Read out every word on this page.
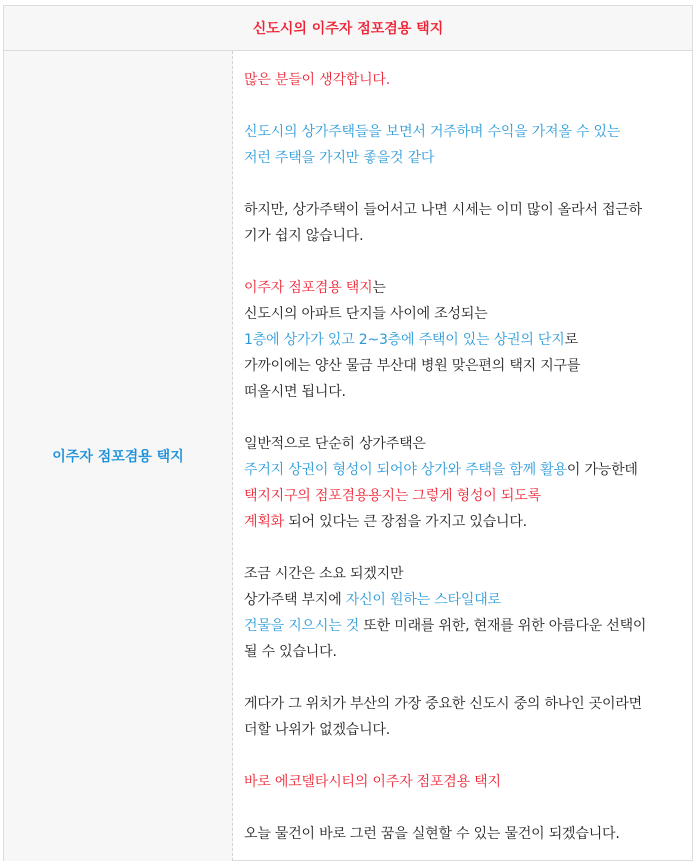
신도시의 이주자 점포겸용 택지
이주자 점포겸용 택지
많은 분들이 생각합니다.
신도시의 상가주택들을 보면서 거주하며 수익을 가져올 수 있는
저런 주택을 가지만 좋을것 같다
하지만, 상가주택이 들어서고 나면 시세는 이미 많이 올라서 접근하
기가 쉽지 않습니다.
이주자 점포겸용 택지는
신도시의 아파트 단지들 사이에 조성되는
1층에 상가가 있고 2~3층에 주택이 있는 상권의 단지로
가까이에는 양산 물금 부산대 병원 맞은편의 택지 지구를
떠올시면 됩니다.
일반적으로 단순히 상가주택은
주거지 상권이 형성이 되어야 상가와 주택을 함께 활용이 가능한데
택지지구의 점포겸용용지는 그렇게 형성이 되도록
계획화 되어 있다는 큰 장점을 가지고 있습니다.
조금 시간은 소요 되겠지만
상가주택 부지에 자신이 원하는 스타일대로
건물을 지으시는 것 또한 미래를 위한, 현재를 위한 아름다운 선택이
될 수 있습니다.
게다가 그 위치가 부산의 가장 중요한 신도시 중의 하나인 곳이라면
더할 나위가 없겠습니다.
바로 에코델타시티의 이주자 점포겸용 택지
오늘 물건이 바로 그런 꿈을 실현할 수 있는 물건이 되겠습니다.
